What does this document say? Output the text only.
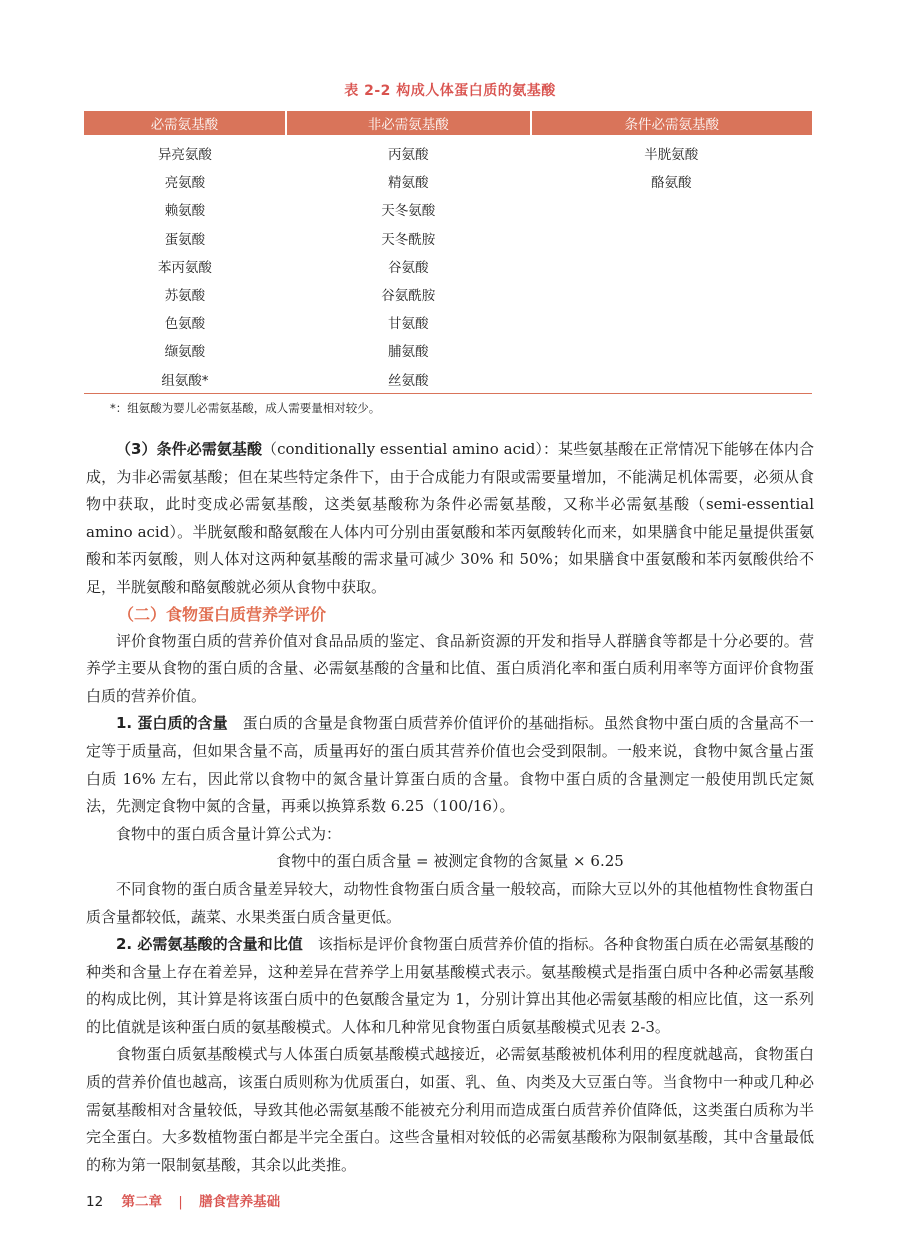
表 2-2 构成人体蛋白质的氨基酸
必需氨基酸	非必需氨基酸	条件必需氨基酸
异亮氨酸	丙氨酸	半胱氨酸
亮氨酸	精氨酸	酪氨酸
赖氨酸	天冬氨酸	
蛋氨酸	天冬酰胺	
苯丙氨酸	谷氨酸	
苏氨酸	谷氨酰胺	
色氨酸	甘氨酸	
缬氨酸	脯氨酸	
组氨酸*	丝氨酸	
*：组氨酸为婴儿必需氨基酸，成人需要量相对较少。

（3）条件必需氨基酸（conditionally essential amino acid）：某些氨基酸在正常情况下能够在体内合成，为非必需氨基酸；但在某些特定条件下，由于合成能力有限或需要量增加，不能满足机体需要，必须从食物中获取，此时变成必需氨基酸，这类氨基酸称为条件必需氨基酸，又称半必需氨基酸（semi-essential amino acid）。半胱氨酸和酪氨酸在人体内可分别由蛋氨酸和苯丙氨酸转化而来，如果膳食中能足量提供蛋氨酸和苯丙氨酸，则人体对这两种氨基酸的需求量可减少 30% 和 50%；如果膳食中蛋氨酸和苯丙氨酸供给不足，半胱氨酸和酪氨酸就必须从食物中获取。

（二）食物蛋白质营养学评价

评价食物蛋白质的营养价值对食品品质的鉴定、食品新资源的开发和指导人群膳食等都是十分必要的。营养学主要从食物的蛋白质的含量、必需氨基酸的含量和比值、蛋白质消化率和蛋白质利用率等方面评价食物蛋白质的营养价值。

1. 蛋白质的含量　蛋白质的含量是食物蛋白质营养价值评价的基础指标。虽然食物中蛋白质的含量高不一定等于质量高，但如果含量不高，质量再好的蛋白质其营养价值也会受到限制。一般来说，食物中氮含量占蛋白质 16% 左右，因此常以食物中的氮含量计算蛋白质的含量。食物中蛋白质的含量测定一般使用凯氏定氮法，先测定食物中氮的含量，再乘以换算系数 6.25（100/16）。

食物中的蛋白质含量计算公式为：

食物中的蛋白质含量 = 被测定食物的含氮量 × 6.25

不同食物的蛋白质含量差异较大，动物性食物蛋白质含量一般较高，而除大豆以外的其他植物性食物蛋白质含量都较低，蔬菜、水果类蛋白质含量更低。

2. 必需氨基酸的含量和比值　该指标是评价食物蛋白质营养价值的指标。各种食物蛋白质在必需氨基酸的种类和含量上存在着差异，这种差异在营养学上用氨基酸模式表示。氨基酸模式是指蛋白质中各种必需氨基酸的构成比例，其计算是将该蛋白质中的色氨酸含量定为 1，分别计算出其他必需氨基酸的相应比值，这一系列的比值就是该种蛋白质的氨基酸模式。人体和几种常见食物蛋白质氨基酸模式见表 2-3。

食物蛋白质氨基酸模式与人体蛋白质氨基酸模式越接近，必需氨基酸被机体利用的程度就越高，食物蛋白质的营养价值也越高，该蛋白质则称为优质蛋白，如蛋、乳、鱼、肉类及大豆蛋白等。当食物中一种或几种必需氨基酸相对含量较低，导致其他必需氨基酸不能被充分利用而造成蛋白质营养价值降低，这类蛋白质称为半完全蛋白。大多数植物蛋白都是半完全蛋白。这些含量相对较低的必需氨基酸称为限制氨基酸，其中含量最低的称为第一限制氨基酸，其余以此类推。

12 第二章 | 膳食营养基础
